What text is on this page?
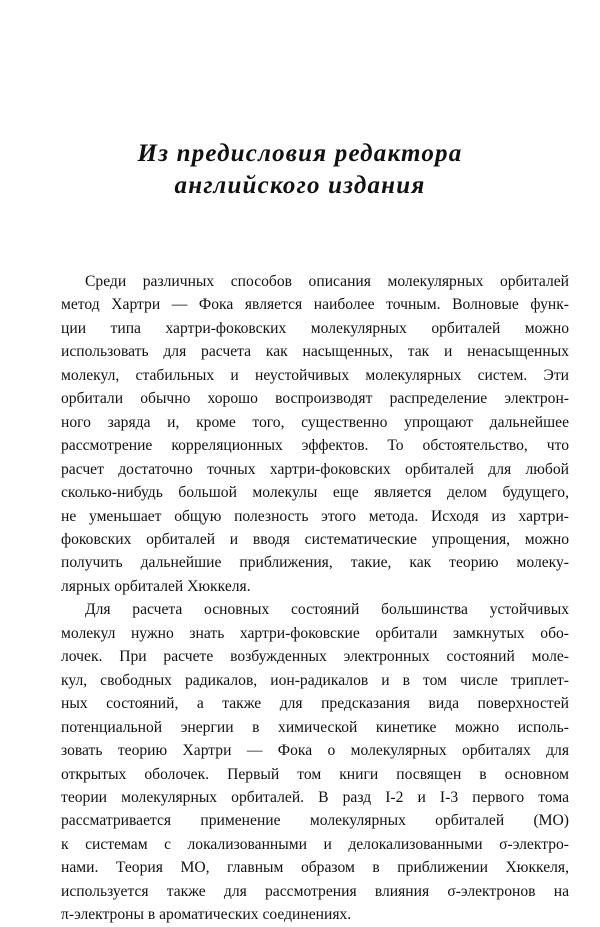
Из предисловия редактора
английского издания

Среди различных способов описания молекулярных орбиталей
метод Хартри — Фока является наиболее точным. Волновые функ-
ции типа хартри-фоковских молекулярных орбиталей можно
использовать для расчета как насыщенных, так и ненасыщенных
молекул, стабильных и неустойчивых молекулярных систем. Эти
орбитали обычно хорошо воспроизводят распределение электрон-
ного заряда и, кроме того, существенно упрощают дальнейшее
рассмотрение корреляционных эффектов. То обстоятельство, что
расчет достаточно точных хартри-фоковских орбиталей для любой
сколько-нибудь большой молекулы еще является делом будущего,
не уменьшает общую полезность этого метода. Исходя из хартри-
фоковских орбиталей и вводя систематические упрощения, можно
получить дальнейшие приближения, такие, как теорию молеку-
лярных орбиталей Хюккеля.

Для расчета основных состояний большинства устойчивых
молекул нужно знать хартри-фоковские орбитали замкнутых обо-
лочек. При расчете возбужденных электронных состояний моле-
кул, свободных радикалов, ион-радикалов и в том числе триплет-
ных состояний, а также для предсказания вида поверхностей
потенциальной энергии в химической кинетике можно исполь-
зовать теорию Хартри — Фока о молекулярных орбиталях для
открытых оболочек. Первый том книги посвящен в основном
теории молекулярных орбиталей. В разд I-2 и I-3 первого тома
рассматривается применение молекулярных орбиталей (МО)
к системам с локализованными и делокализованными σ-электро-
нами. Теория МО, главным образом в приближении Хюккеля,
используется также для рассмотрения влияния σ-электронов на
π-электроны в ароматических соединениях.
